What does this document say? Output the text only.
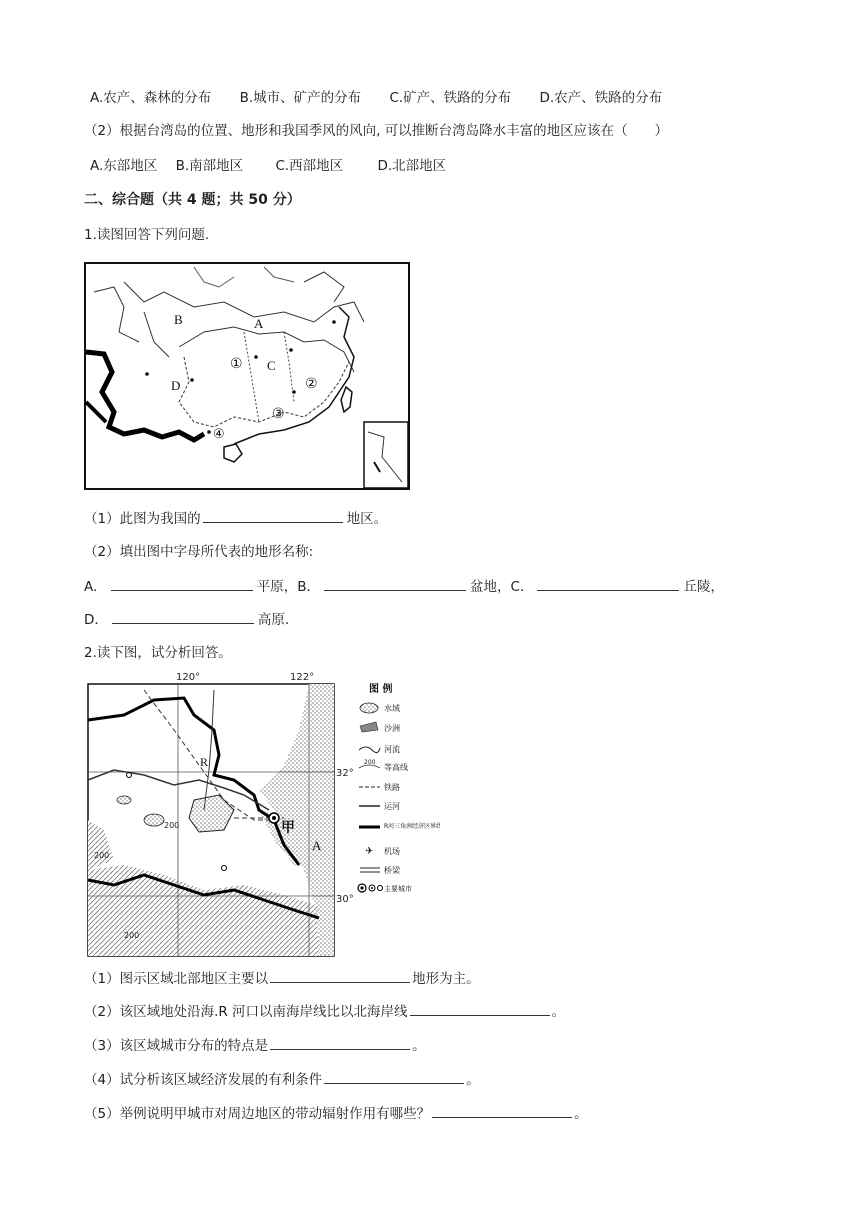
A.农产、森林的分布 B.城市、矿产的分布 C.矿产、铁路的分布 D.农产、铁路的分布
（2）根据台湾岛的位置、地形和我国季风的风向, 可以推断台湾岛降水丰富的地区应该在（　　）
A.东部地区 B.南部地区 C.西部地区	D.北部地区
二、综合题（共 4 题；共 50 分）
1.读图回答下列问题.
B	A
① C
D	②
③
④
（1）此图为我国的	地区。
（2）填出图中字母所代表的地形名称:
A．	平原，B．	盆地，C．	丘陵，
D．	高原.
2.读下图，试分析回答。
120°	122°
32°
30°
R
甲
A
200
200
200
图 例
水域
沙洲
河流
200
等高线
铁路
运河
R河三角洲经济区界线
✈ 机场
桥梁
主要城市
（1）图示区域北部地区主要以	地形为主。
（2）该区域地处沿海.R 河口以南海岸线比以北海岸线	。
（3）该区域城市分布的特点是	。
（4）试分析该区域经济发展的有利条件	。
（5）举例说明甲城市对周边地区的带动辐射作用有哪些？	。
